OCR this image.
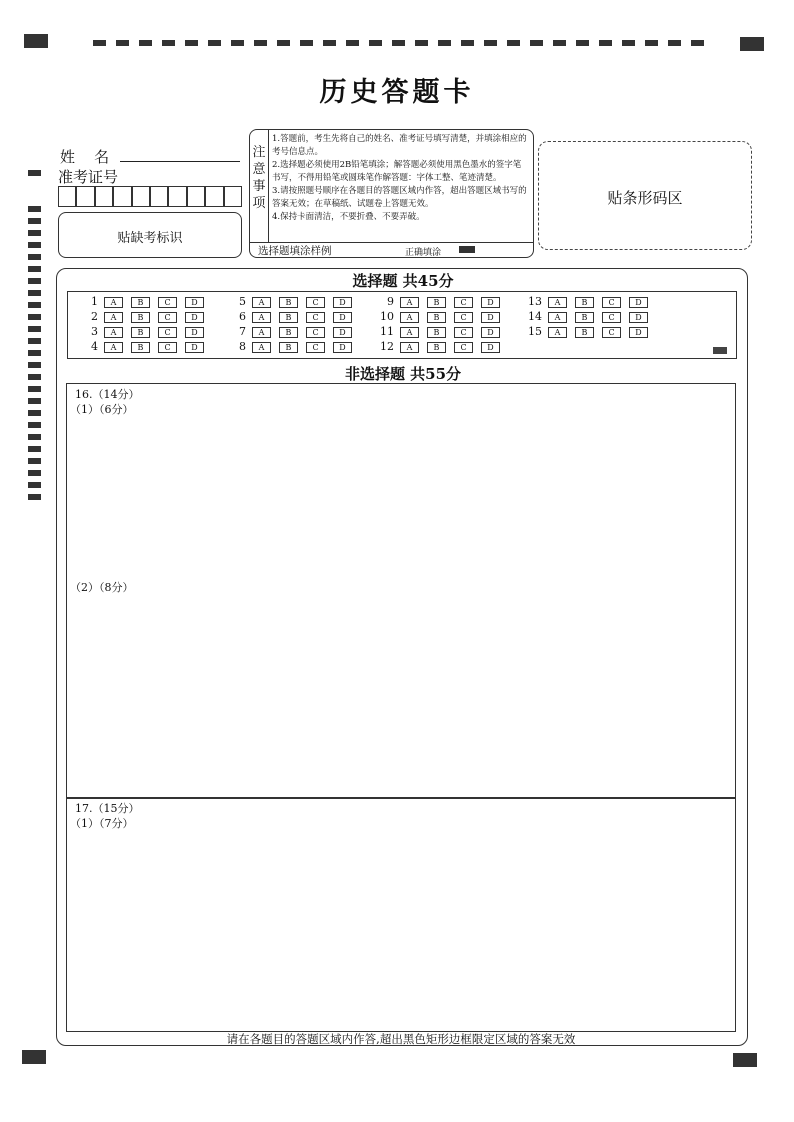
历史答题卡
姓    名
准考证号
贴缺考标识
注意事项
1.答题前，考生先将自己的姓名、准考证号填写清楚，并填涂相应的考号信息点。
2.选择题必须使用2B铅笔填涂；解答题必须使用黑色墨水的签字笔书写，不得用铅笔或圆珠笔作解答题：字体工整、笔迹清楚。
3.请按照题号顺序在各题目的答题区域内作答，超出答题区域书写的答案无效；在草稿纸、试题卷上答题无效。
4.保持卡面清洁，不要折叠、不要弄破。
选择题填涂样例	正确填涂
贴条形码区
选择题 共45分
1 A	B	C	D
2 A	B	C	D
3 A	B	C	D
4 A	B	C	D
5 A	B	C	D
6 A	B	C	D
7 A	B	C	D
8 A	B	C	D
9 A	B	C	D
10 A	B	C	D
11 A	B	C	D
12 A	B	C	D
13 A	B	C	D
14 A	B	C	D
15 A	B	C	D
非选择题 共55分
16.（14分）
（1）（6分）
（2）（8分）
17.（15分）
（1）（7分）
请在各题目的答题区域内作答,超出黑色矩形边框限定区域的答案无效
